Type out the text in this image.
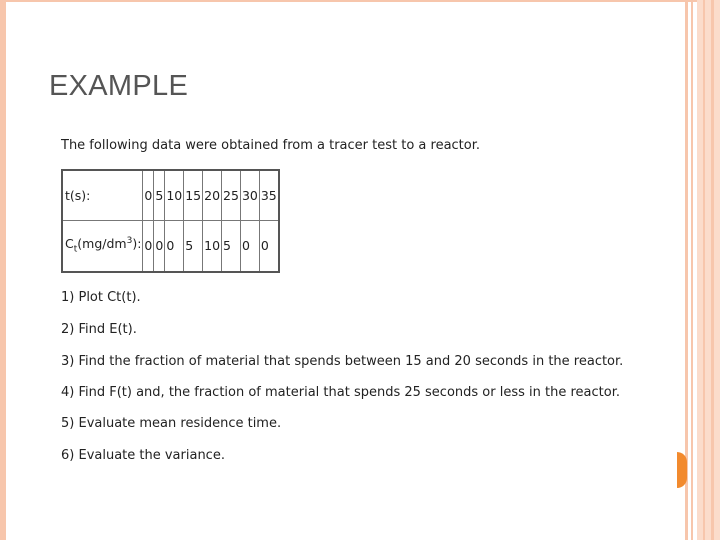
EXAMPLE
The following data were obtained from a tracer test to a reactor.
t(s):	0	5	10	15	20	25	30	35
$C_t(mg/dm^3)$:	0	0	0	5	10	5	0	0
1) Plot Ct(t).
2) Find E(t).
3) Find the fraction of material that spends between 15 and 20 seconds in the reactor.
4) Find F(t) and, the fraction of material that spends 25 seconds or less in the reactor.
5) Evaluate mean residence time.
6) Evaluate the variance.
